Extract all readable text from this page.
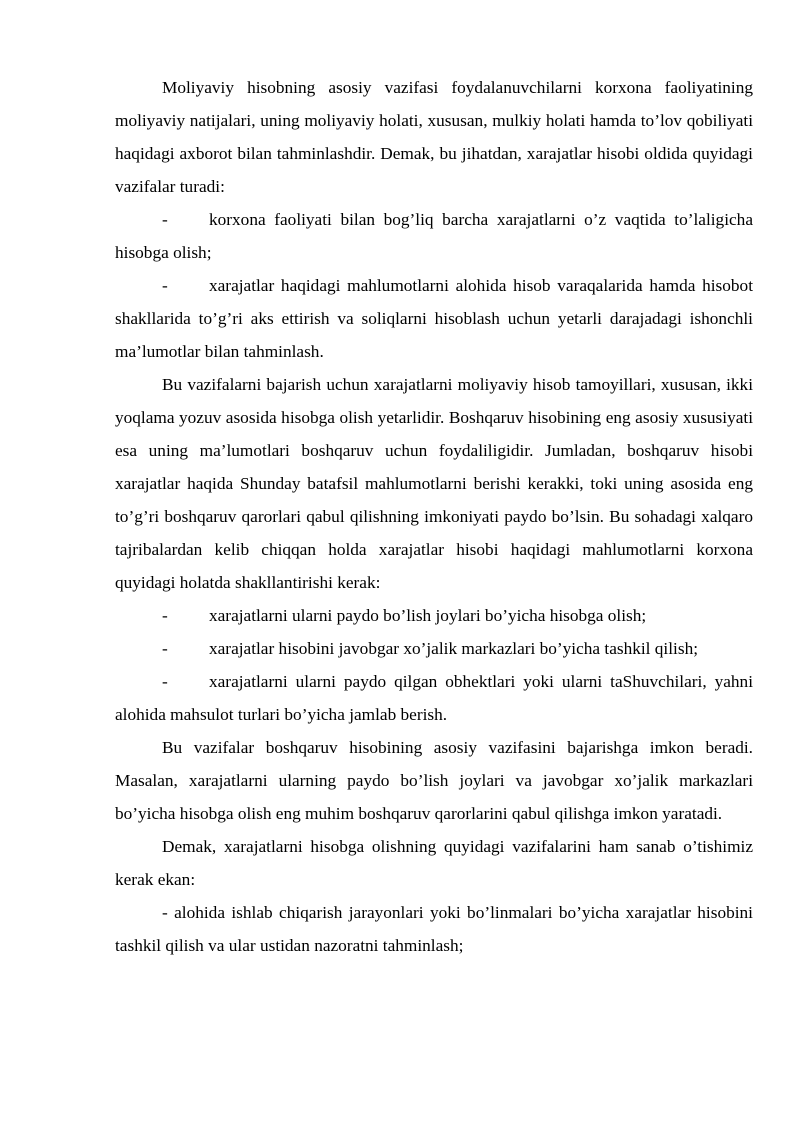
Moliyaviy hisobning asosiy vazifasi foydalanuvchilarni korxona faoliyatining moliyaviy natijalari, uning moliyaviy holati, xususan, mulkiy holati hamda to’lov qobiliyati haqidagi axborot bilan tahminlashdir. Demak, bu jihatdan, xarajatlar hisobi oldida quyidagi vazifalar turadi:

- korxona faoliyati bilan bog’liq barcha xarajatlarni o’z vaqtida to’laligicha hisobga olish;

- xarajatlar haqidagi mahlumotlarni alohida hisob varaqalarida hamda hisobot shakllarida to’g’ri aks ettirish va soliqlarni hisoblash uchun yetarli darajadagi ishonchli ma’lumotlar bilan tahminlash.

Bu vazifalarni bajarish uchun xarajatlarni moliyaviy hisob tamoyillari, xususan, ikki yoqlama yozuv asosida hisobga olish yetarlidir. Boshqaruv hisobining eng asosiy xususiyati esa uning ma’lumotlari boshqaruv uchun foydaliligidir. Jumladan, boshqaruv hisobi xarajatlar haqida Shunday batafsil mahlumotlarni berishi kerakki, toki uning asosida eng to’g’ri boshqaruv qarorlari qabul qilishning imkoniyati paydo bo’lsin. Bu sohadagi xalqaro tajribalardan kelib chiqqan holda xarajatlar hisobi haqidagi mahlumotlarni korxona quyidagi holatda shakllantirishi kerak:

- xarajatlarni ularni paydo bo’lish joylari bo’yicha hisobga olish;

- xarajatlar hisobini javobgar xo’jalik markazlari bo’yicha tashkil qilish;

- xarajatlarni ularni paydo qilgan obhektlari yoki ularni taShuvchilari, yahni alohida mahsulot turlari bo’yicha jamlab berish.

Bu vazifalar boshqaruv hisobining asosiy vazifasini bajarishga imkon beradi. Masalan, xarajatlarni ularning paydo bo’lish joylari va javobgar xo’jalik markazlari bo’yicha hisobga olish eng muhim boshqaruv qarorlarini qabul qilishga imkon yaratadi.

Demak, xarajatlarni hisobga olishning quyidagi vazifalarini ham sanab o’tishimiz kerak ekan:

- alohida ishlab chiqarish jarayonlari yoki bo’linmalari bo’yicha xarajatlar hisobini tashkil qilish va ular ustidan nazoratni tahminlash;
